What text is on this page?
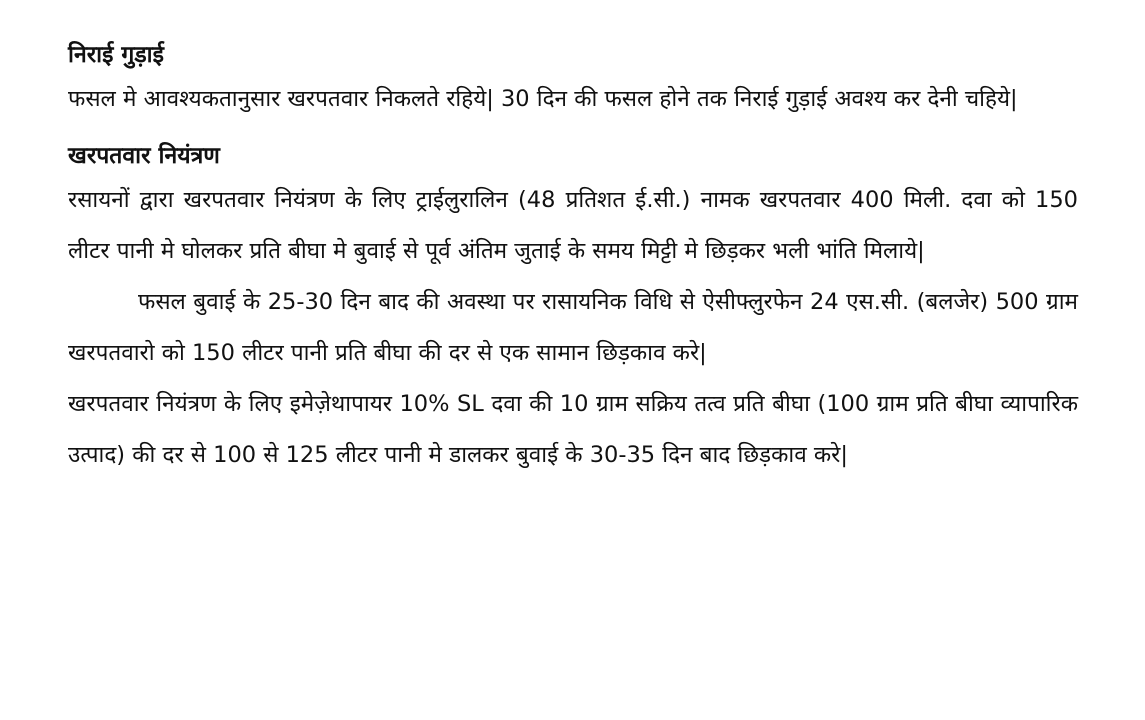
निराई गुड़ाई

फसल मे आवश्यकतानुसार खरपतवार निकलते रहिये| 30 दिन की फसल होने तक निराई गुड़ाई अवश्य कर देनी चहिये|

खरपतवार नियंत्रण

रसायनों द्वारा खरपतवार नियंत्रण के लिए ट्राईलुरालिन (48 प्रतिशत ई.सी.) नामक खरपतवार 400 मिली. दवा को 150 लीटर पानी मे घोलकर प्रति बीघा मे बुवाई से पूर्व अंतिम जुताई के समय मिट्टी मे छिड़कर भली भांति मिलाये|

फसल बुवाई के 25-30 दिन बाद की अवस्था पर रासायनिक विधि से ऐसीफ्लुरफेन 24 एस.सी. (बलजेर) 500 ग्राम खरपतवारो को 150 लीटर पानी प्रति बीघा की दर से एक सामान छिड़काव करे|

खरपतवार नियंत्रण के लिए इमेज़ेथापायर 10% SL दवा की 10 ग्राम सक्रिय तत्व प्रति बीघा (100 ग्राम प्रति बीघा व्यापारिक उत्पाद) की दर से 100 से 125 लीटर पानी मे डालकर बुवाई के 30-35 दिन बाद छिड़काव करे|
